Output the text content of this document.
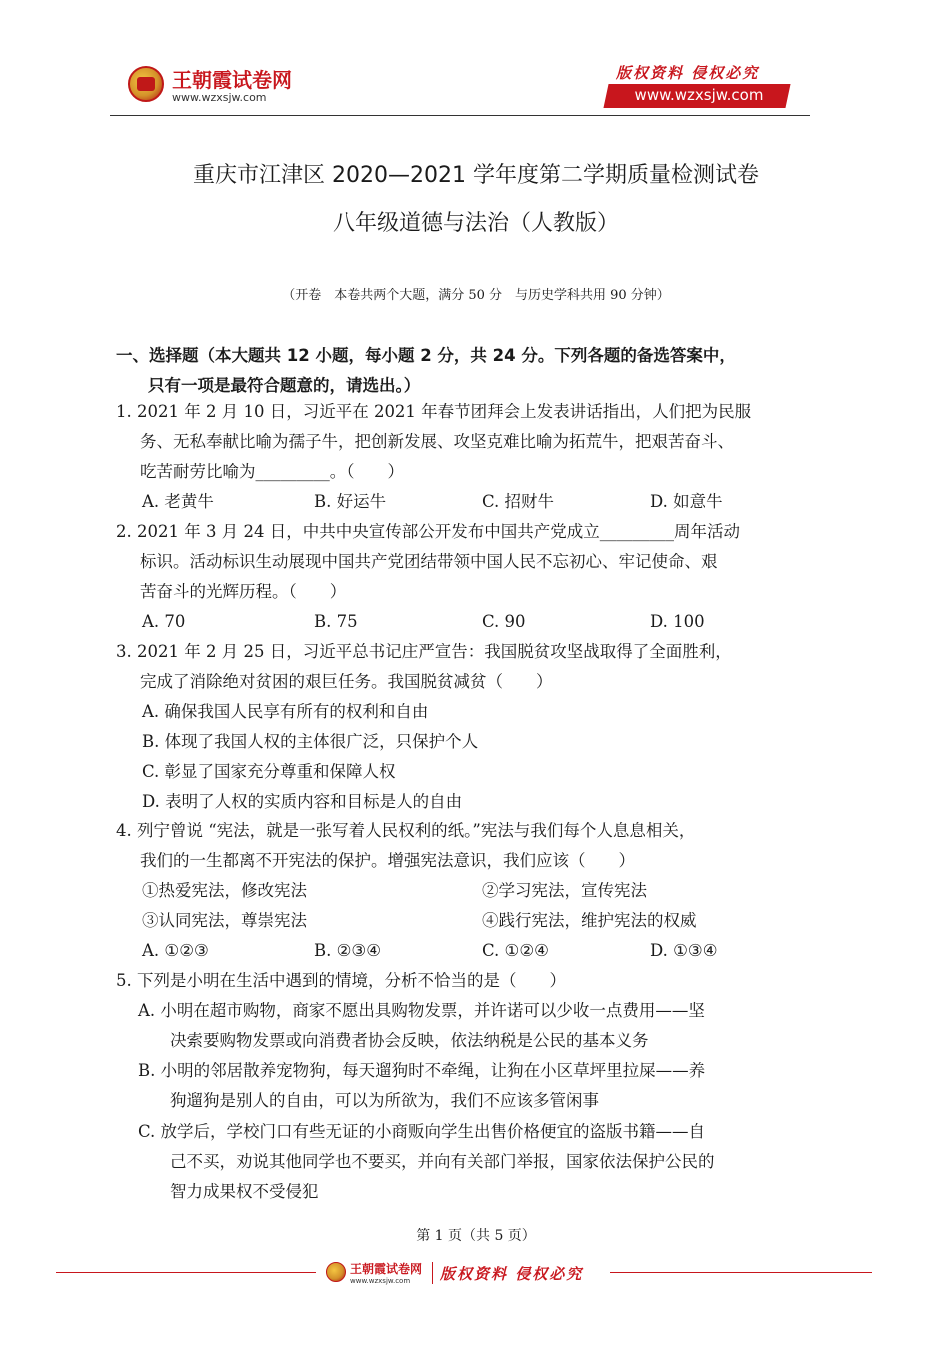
王朝霞试卷网
www.wzxsjw.com
版权资料 侵权必究
www.wzxsjw.com
重庆市江津区 2020—2021 学年度第二学期质量检测试卷
八年级道德与法治（人教版）
（开卷　本卷共两个大题，满分 50 分　与历史学科共用 90 分钟）
一、选择题（本大题共 12 小题，每小题 2 分，共 24 分。下列各题的备选答案中，
只有一项是最符合题意的，请选出。）
1. 2021 年 2 月 10 日，习近平在 2021 年春节团拜会上发表讲话指出，人们把为民服
务、无私奉献比喻为孺子牛，把创新发展、攻坚克难比喻为拓荒牛，把艰苦奋斗、
吃苦耐劳比喻为_________。（　　）
A. 老黄牛	B. 好运牛	C. 招财牛	D. 如意牛
2. 2021 年 3 月 24 日，中共中央宣传部公开发布中国共产党成立_________周年活动
标识。活动标识生动展现中国共产党团结带领中国人民不忘初心、牢记使命、艰
苦奋斗的光辉历程。（　　）
A. 70	B. 75	C. 90	D. 100
3. 2021 年 2 月 25 日，习近平总书记庄严宣告：我国脱贫攻坚战取得了全面胜利，
完成了消除绝对贫困的艰巨任务。我国脱贫减贫（　　）
A. 确保我国人民享有所有的权利和自由
B. 体现了我国人权的主体很广泛，只保护个人
C. 彰显了国家充分尊重和保障人权
D. 表明了人权的实质内容和目标是人的自由
4. 列宁曾说 “宪法，就是一张写着人民权利的纸。”宪法与我们每个人息息相关，
我们的一生都离不开宪法的保护。增强宪法意识，我们应该（　　）
①热爱宪法，修改宪法	②学习宪法，宣传宪法
③认同宪法，尊崇宪法	④践行宪法，维护宪法的权威
A. ①②③	B. ②③④	C. ①②④	D. ①③④
5. 下列是小明在生活中遇到的情境，分析不恰当的是（　　）
A. 小明在超市购物，商家不愿出具购物发票，并许诺可以少收一点费用——坚
决索要购物发票或向消费者协会反映，依法纳税是公民的基本义务
B. 小明的邻居散养宠物狗，每天遛狗时不牵绳，让狗在小区草坪里拉屎——养
狗遛狗是别人的自由，可以为所欲为，我们不应该多管闲事
C. 放学后，学校门口有些无证的小商贩向学生出售价格便宜的盗版书籍——自
己不买，劝说其他同学也不要买，并向有关部门举报，国家依法保护公民的
智力成果权不受侵犯
第 1 页（共 5 页）
王朝霞试卷网
www.wzxsjw.com 版权资料 侵权必究
